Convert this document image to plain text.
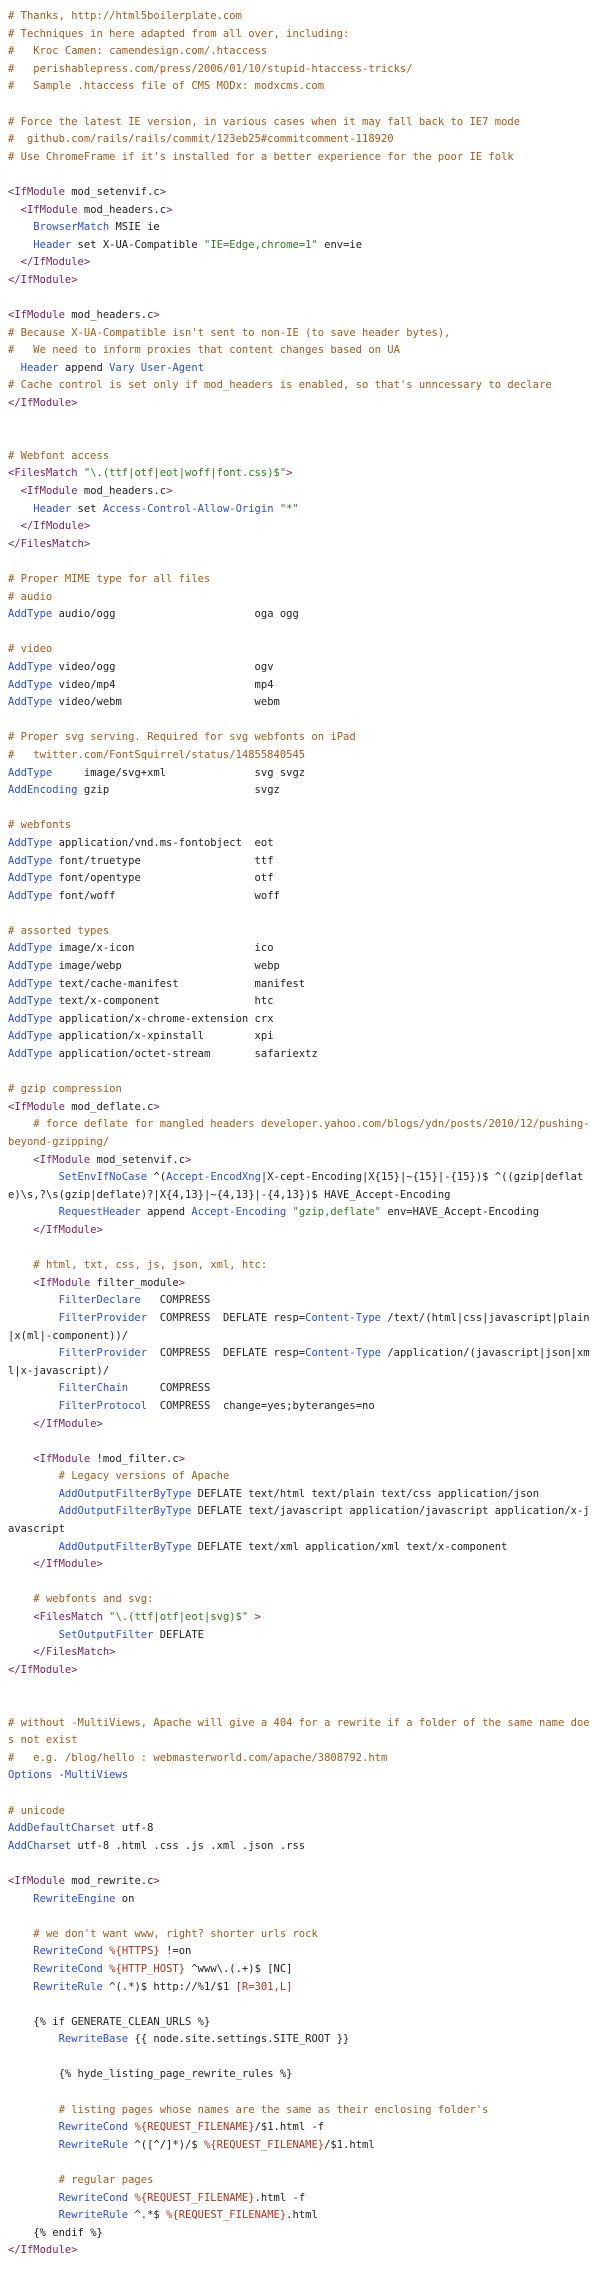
# Thanks, http://html5boilerplate.com
# Techniques in here adapted from all over, including:
#   Kroc Camen: camendesign.com/.htaccess
#   perishablepress.com/press/2006/01/10/stupid-htaccess-tricks/
#   Sample .htaccess file of CMS MODx: modxcms.com

# Force the latest IE version, in various cases when it may fall back to IE7 mode
#  github.com/rails/rails/commit/123eb25#commitcomment-118920
# Use ChromeFrame if it's installed for a better experience for the poor IE folk

<IfModule mod_setenvif.c>
<IfModule mod_headers.c>
BrowserMatch MSIE ie
Header set X-UA-Compatible "IE=Edge,chrome=1" env=ie
</IfModule>
</IfModule>

<IfModule mod_headers.c>
# Because X-UA-Compatible isn't sent to non-IE (to save header bytes),
#   We need to inform proxies that content changes based on UA
Header append Vary User-Agent
# Cache control is set only if mod_headers is enabled, so that's unncessary to declare
</IfModule>

# Webfont access
<FilesMatch "\.(ttf|otf|eot|woff|font.css)$">
<IfModule mod_headers.c>
Header set Access-Control-Allow-Origin "*"
</IfModule>
</FilesMatch>

# Proper MIME type for all files
# audio
AddType audio/ogg                      oga ogg

# video
AddType video/ogg                      ogv
AddType video/mp4                      mp4
AddType video/webm                     webm

# Proper svg serving. Required for svg webfonts on iPad
#   twitter.com/FontSquirrel/status/14855840545
AddType     image/svg+xml              svg svgz
AddEncoding gzip                       svgz

# webfonts
AddType application/vnd.ms-fontobject  eot
AddType font/truetype                  ttf
AddType font/opentype                  otf
AddType font/woff                      woff

# assorted types
AddType image/x-icon                   ico
AddType image/webp                     webp
AddType text/cache-manifest            manifest
AddType text/x-component               htc
AddType application/x-chrome-extension crx
AddType application/x-xpinstall        xpi
AddType application/octet-stream       safariextz

# gzip compression
<IfModule mod_deflate.c>
# force deflate for mangled headers developer.yahoo.com/blogs/ydn/posts/2010/12/pushing-beyond-gzipping/
<IfModule mod_setenvif.c>
SetEnvIfNoCase ^(Accept-EncodXng|X-cept-Encoding|X{15}|~{15}|-{15})$ ^((gzip|deflate)\s,?\s(gzip|deflate)?|X{4,13}|~{4,13}|-{4,13})$ HAVE_Accept-Encoding
RequestHeader append Accept-Encoding "gzip,deflate" env=HAVE_Accept-Encoding
</IfModule>

# html, txt, css, js, json, xml, htc:
<IfModule filter_module>
FilterDeclare   COMPRESS
FilterProvider  COMPRESS  DEFLATE resp=Content-Type /text/(html|css|javascript|plain|x(ml|-component))/
FilterProvider  COMPRESS  DEFLATE resp=Content-Type /application/(javascript|json|xml|x-javascript)/
FilterChain     COMPRESS
FilterProtocol  COMPRESS  change=yes;byteranges=no
</IfModule>

<IfModule !mod_filter.c>
# Legacy versions of Apache
AddOutputFilterByType DEFLATE text/html text/plain text/css application/json
AddOutputFilterByType DEFLATE text/javascript application/javascript application/x-javascript
AddOutputFilterByType DEFLATE text/xml application/xml text/x-component
</IfModule>

# webfonts and svg:
<FilesMatch "\.(ttf|otf|eot|svg)$" >
SetOutputFilter DEFLATE
</FilesMatch>
</IfModule>

# without -MultiViews, Apache will give a 404 for a rewrite if a folder of the same name does not exist
#   e.g. /blog/hello : webmasterworld.com/apache/3808792.htm
Options -MultiViews

# unicode
AddDefaultCharset utf-8
AddCharset utf-8 .html .css .js .xml .json .rss

<IfModule mod_rewrite.c>
RewriteEngine on

# we don't want www, right? shorter urls rock
RewriteCond %{HTTPS} !=on
RewriteCond %{HTTP_HOST} ^www\.(.+)$ [NC]
RewriteRule ^(.*)$ http://%1/$1 [R=301,L]

{% if GENERATE_CLEAN_URLS %}
RewriteBase {{ node.site.settings.SITE_ROOT }}

{% hyde_listing_page_rewrite_rules %}

# listing pages whose names are the same as their enclosing folder's
RewriteCond %{REQUEST_FILENAME}/$1.html -f
RewriteRule ^([^/]*)/$ %{REQUEST_FILENAME}/$1.html

# regular pages
RewriteCond %{REQUEST_FILENAME}.html -f
RewriteRule ^.*$ %{REQUEST_FILENAME}.html
{% endif %}
</IfModule>
